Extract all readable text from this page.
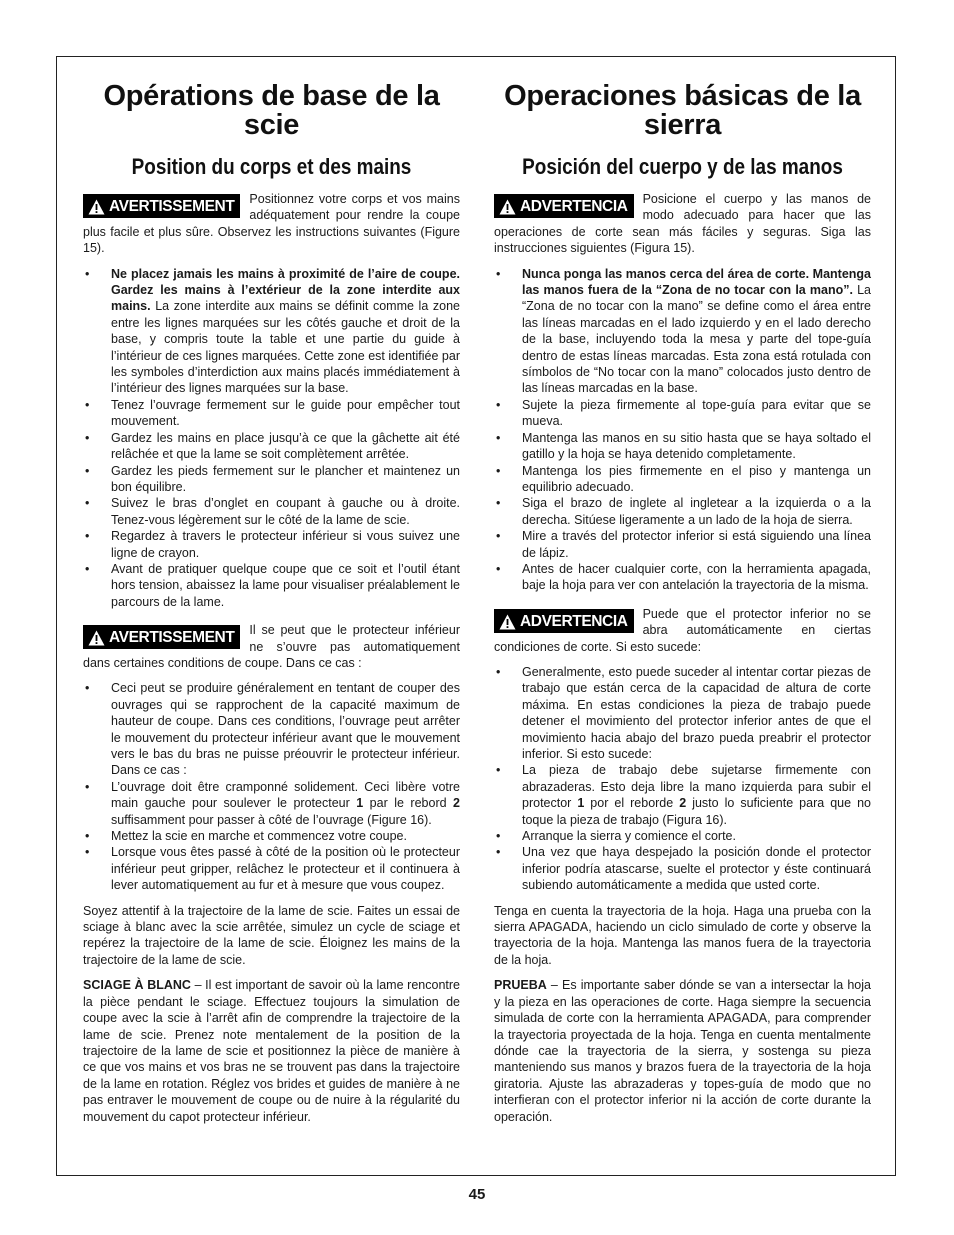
Opérations de base de la scie
Position du corps et des mains
AVERTISSEMENT	Positionnez votre corps et vos mains adéquatement pour rendre la coupe plus facile et plus sûre. Observez les instructions suivantes (Figure 15).

• Ne placez jamais les mains à proximité de l’aire de coupe. Gardez les mains à l’extérieur de la zone interdite aux mains. La zone interdite aux mains se définit comme la zone entre les lignes marquées sur les côtés gauche et droit de la base, y compris toute la table et une partie du guide à l’intérieur de ces lignes marquées. Cette zone est identifiée par les symboles d’interdiction aux mains placés immédiatement à l’intérieur des lignes marquées sur la base.
• Tenez l’ouvrage fermement sur le guide pour empêcher tout mouvement.
• Gardez les mains en place jusqu’à ce que la gâchette ait été relâchée et que la lame se soit complètement arrêtée.
• Gardez les pieds fermement sur le plancher et maintenez un bon équilibre.
• Suivez le bras d’onglet en coupant à gauche ou à droite. Tenez-vous légèrement sur le côté de la lame de scie.
• Regardez à travers le protecteur inférieur si vous suivez une ligne de crayon.
• Avant de pratiquer quelque coupe que ce soit et l’outil étant hors tension, abaissez la lame pour visualiser préalablement le parcours de la lame.
AVERTISSEMENT	Il se peut que le protecteur inférieur ne s’ouvre pas automatiquement dans certaines conditions de coupe. Dans ce cas :

• Ceci peut se produire généralement en tentant de couper des ouvrages qui se rapprochent de la capacité maximum de hauteur de coupe. Dans ces conditions, l’ouvrage peut arrêter le mouvement du protecteur inférieur avant que le mouvement vers le bas du bras ne puisse préouvrir le protecteur inférieur. Dans ce cas :
• L’ouvrage doit être cramponné solidement. Ceci libère votre main gauche pour soulever le protecteur 1 par le rebord 2 suffisamment pour passer à côté de l’ouvrage (Figure 16).
• Mettez la scie en marche et commencez votre coupe.
• Lorsque vous êtes passé à côté de la position où le protecteur inférieur peut gripper, relâchez le protecteur et il continuera à lever automatiquement au fur et à mesure que vous coupez.

Soyez attentif à la trajectoire de la lame de scie. Faites un essai de sciage à blanc avec la scie arrêtée, simulez un cycle de sciage et repérez la trajectoire de la lame de scie. Éloignez les mains de la trajectoire de la lame de scie.

SCIAGE À BLANC – Il est important de savoir où la lame rencontre la pièce pendant le sciage. Effectuez toujours la simulation de coupe avec la scie à l’arrêt afin de comprendre la trajectoire de la lame de scie. Prenez note mentalement de la position de la trajectoire de la lame de scie et positionnez la pièce de manière à ce que vos mains et vos bras ne se trouvent pas dans la trajectoire de la lame en rotation. Réglez vos brides et guides de manière à ne pas entraver le mouvement de coupe ou de nuire à la régularité du mouvement du capot protecteur inférieur.

Operaciones básicas de la sierra
Posición del cuerpo y de las manos
ADVERTENCIA	Posicione el cuerpo y las manos de modo adecuado para hacer que las operaciones de corte sean más fáciles y seguras. Siga las instrucciones siguientes (Figura 15).

• Nunca ponga las manos cerca del área de corte. Mantenga las manos fuera de la “Zona de no tocar con la mano”. La “Zona de no tocar con la mano” se define como el área entre las líneas marcadas en el lado izquierdo y en el lado derecho de la base, incluyendo toda la mesa y parte del tope-guía dentro de estas líneas marcadas. Esta zona está rotulada con símbolos de “No tocar con la mano” colocados justo dentro de las líneas marcadas en la base.
• Sujete la pieza firmemente al tope-guía para evitar que se mueva.
• Mantenga las manos en su sitio hasta que se haya soltado el gatillo y la hoja se haya detenido completamente.
• Mantenga los pies firmemente en el piso y mantenga un equilibrio adecuado.
• Siga el brazo de inglete al ingletear a la izquierda o a la derecha. Sitúese ligeramente a un lado de la hoja de sierra.
• Mire a través del protector inferior si está siguiendo una línea de lápiz.
• Antes de hacer cualquier corte, con la herramienta apagada, baje la hoja para ver con antelación la trayectoria de la misma.
ADVERTENCIA	Puede que el protector inferior no se abra automáticamente en ciertas condiciones de corte. Si esto sucede:

• Generalmente, esto puede suceder al intentar cortar piezas de trabajo que están cerca de la capacidad de altura de corte máxima. En estas condiciones la pieza de trabajo puede detener el movimiento del protector inferior antes de que el movimiento hacia abajo del brazo pueda preabrir el protector inferior. Si esto sucede:
• La pieza de trabajo debe sujetarse firmemente con abrazaderas. Esto deja libre la mano izquierda para subir el protector 1 por el reborde 2 justo lo suficiente para que no toque la pieza de trabajo (Figura 16).
• Arranque la sierra y comience el corte.
• Una vez que haya despejado la posición donde el protector inferior podría atascarse, suelte el protector y éste continuará subiendo automáticamente a medida que usted corte.

Tenga en cuenta la trayectoria de la hoja. Haga una prueba con la sierra APAGADA, haciendo un ciclo simulado de corte y observe la trayectoria de la hoja. Mantenga las manos fuera de la trayectoria de la hoja.

PRUEBA – Es importante saber dónde se van a intersectar la hoja y la pieza en las operaciones de corte. Haga siempre la secuencia simulada de corte con la herramienta APAGADA, para comprender la trayectoria proyectada de la hoja. Tenga en cuenta mentalmente dónde cae la trayectoria de la sierra, y sostenga su pieza manteniendo sus manos y brazos fuera de la trayectoria de la hoja giratoria. Ajuste las abrazaderas y topes-guía de modo que no interfieran con el protector inferior ni la acción de corte durante la operación.

45
